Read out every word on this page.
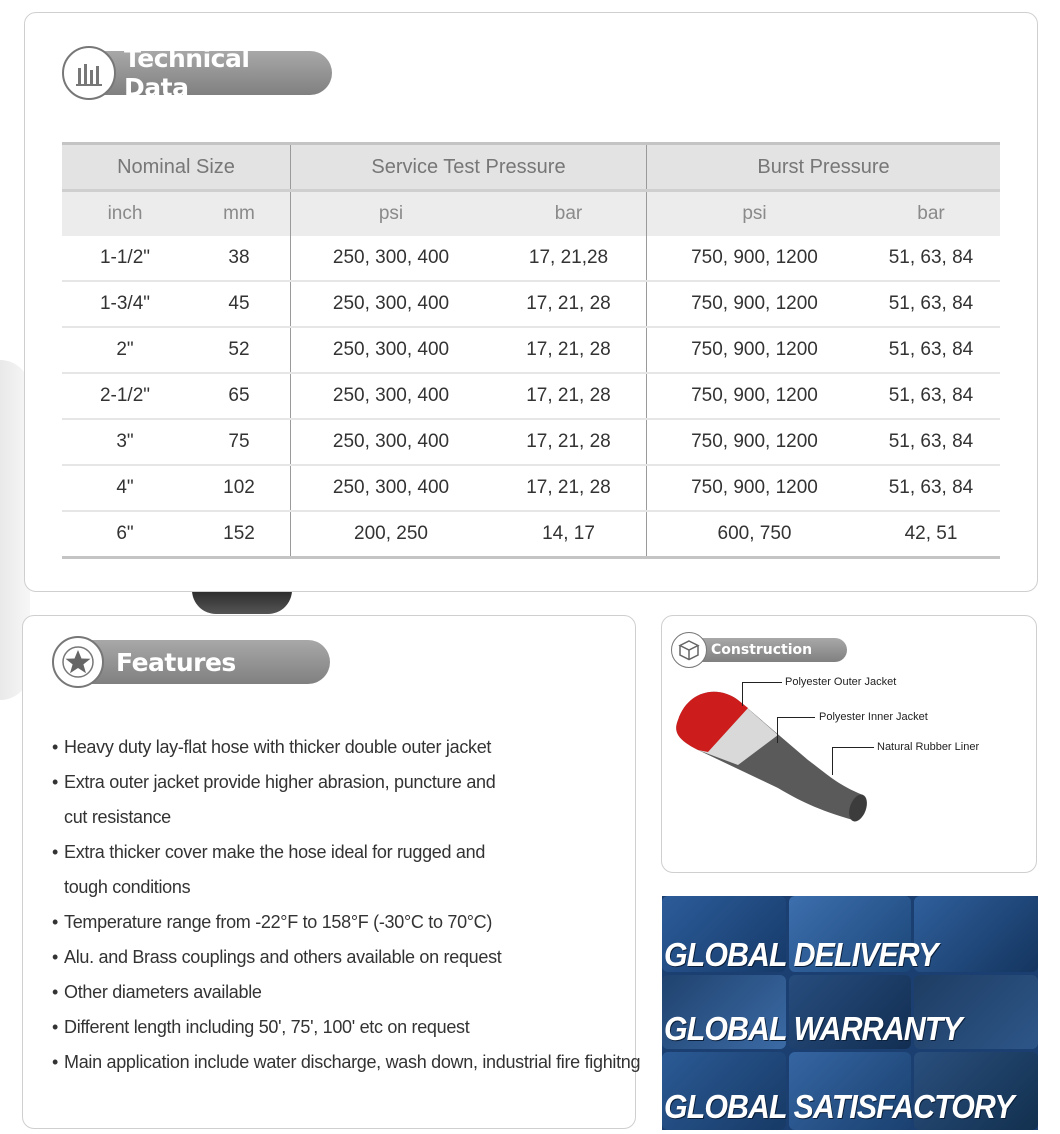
Technical Data
Nominal Size		Service Test Pressure		Burst Pressure	
inch	mm	psi	bar	psi	bar
1-1/2"	38	250, 300, 400	17, 21,28	750, 900, 1200	51, 63, 84
1-3/4"	45	250, 300, 400	17, 21, 28	750, 900, 1200	51, 63, 84
2"	52	250, 300, 400	17, 21, 28	750, 900, 1200	51, 63, 84
2-1/2"	65	250, 300, 400	17, 21, 28	750, 900, 1200	51, 63, 84
3"	75	250, 300, 400	17, 21, 28	750, 900, 1200	51, 63, 84
4"	102	250, 300, 400	17, 21, 28	750, 900, 1200	51, 63, 84
6"	152	200, 250	14, 17	600, 750	42, 51
Features
• Heavy duty lay-flat hose with thicker double outer jacket
• Extra outer jacket provide higher abrasion, puncture and cut resistance
• Extra thicker cover make the hose ideal for rugged and tough conditions
• Temperature range from -22°F to 158°F (-30°C to 70°C)
• Alu. and Brass couplings and others available on request
• Other diameters available
• Different length including 50', 75', 100' etc on request
• Main application include water discharge, wash down, industrial fire fighitng
Construction
Polyester Outer Jacket
Polyester Inner Jacket
Natural Rubber Liner
GLOBAL DELIVERY
GLOBAL WARRANTY
GLOBAL SATISFACTORY
